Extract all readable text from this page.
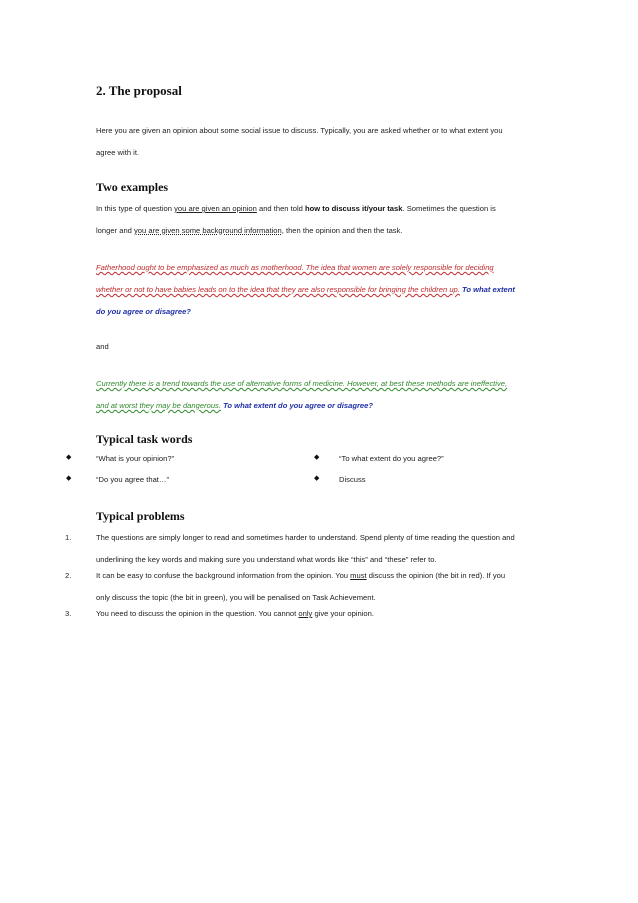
2. The proposal
Here you are given an opinion about some social issue to discuss. Typically, you are asked whether or to what extent you
agree with it.
Two examples
In this type of question you are given an opinion and then told how to discuss it/your task. Sometimes the question is
longer and you are given some background information, then the opinion and then the task.
Fatherhood ought to be emphasized as much as motherhood. The idea that women are solely responsible for deciding
whether or not to have babies leads on to the idea that they are also responsible for bringing the children up. To what extent
do you agree or disagree?
and
Currently there is a trend towards the use of alternative forms of medicine. However, at best these methods are ineffective,
and at worst they may be dangerous. To what extent do you agree or disagree?
Typical task words
◆	“What is your opinion?”	◆	“To what extent do you agree?”
◆	“Do you agree that…”	◆	Discuss
Typical problems
1.	The questions are simply longer to read and sometimes harder to understand. Spend plenty of time reading the question and
underlining the key words and making sure you understand what words like “this” and “these” refer to.
2.	It can be easy to confuse the background information from the opinion. You must discuss the opinion (the bit in red). If you
only discuss the topic (the bit in green), you will be penalised on Task Achievement.
3.	You need to discuss the opinion in the question. You cannot only give your opinion.
